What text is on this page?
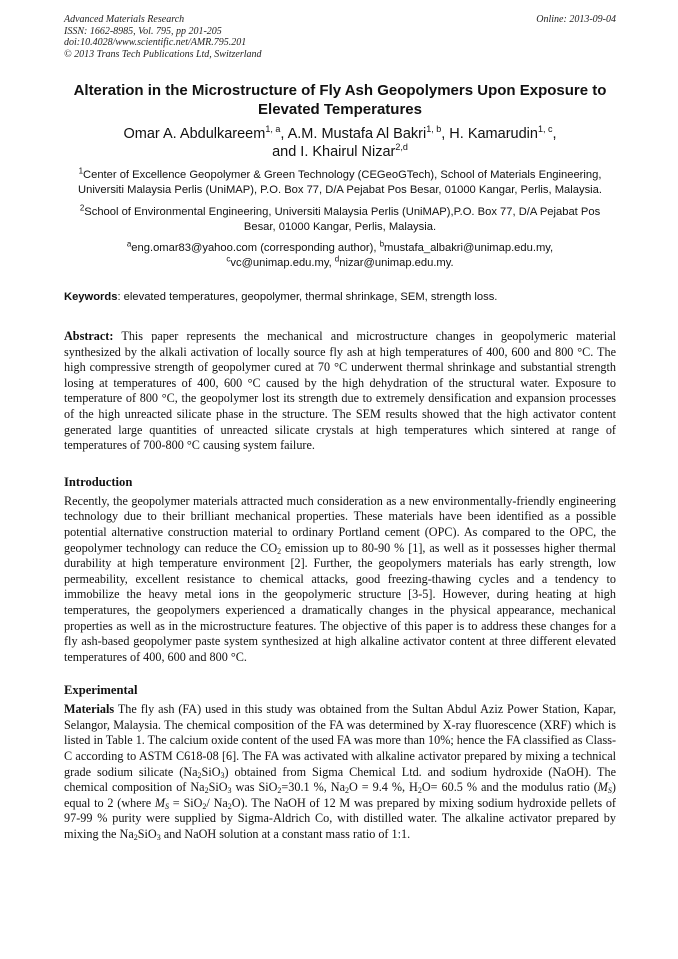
Advanced Materials Research
ISSN: 1662-8985, Vol. 795, pp 201-205
doi:10.4028/www.scientific.net/AMR.795.201
© 2013 Trans Tech Publications Ltd, Switzerland
Online: 2013-09-04
Alteration in the Microstructure of Fly Ash Geopolymers Upon Exposure to Elevated Temperatures
Omar A. Abdulkareem$^{1, a}$, A.M. Mustafa Al Bakri$^{1, b}$, H. Kamarudin$^{1, c}$,
and I. Khairul Nizar$^{2,d}$
$^1$Center of Excellence Geopolymer & Green Technology (CEGeoGTech), School of Materials Engineering, Universiti Malaysia Perlis (UniMAP), P.O. Box 77, D/A Pejabat Pos Besar, 01000 Kangar, Perlis, Malaysia.
$^2$School of Environmental Engineering, Universiti Malaysia Perlis (UniMAP),P.O. Box 77, D/A Pejabat Pos Besar, 01000 Kangar, Perlis, Malaysia.
$^a$eng.omar83@yahoo.com (corresponding author), $^b$mustafa_albakri@unimap.edu.my,
$^c$vc@unimap.edu.my, $^d$nizar@unimap.edu.my.
Keywords: elevated temperatures, geopolymer, thermal shrinkage, SEM, strength loss.
Abstract: This paper represents the mechanical and microstructure changes in geopolymeric material synthesized by the alkali activation of locally source fly ash at high temperatures of 400, 600 and 800 °C. The high compressive strength of geopolymer cured at 70 °C underwent thermal shrinkage and substantial strength losing at temperatures of 400, 600 °C caused by the high dehydration of the structural water. Exposure to temperature of 800 °C, the geopolymer lost its strength due to extremely densification and expansion processes of the high unreacted silicate phase in the structure. The SEM results showed that the high activator content generated large quantities of unreacted silicate crystals at high temperatures which sintered at range of temperatures of 700-800 °C causing system failure.
Introduction
Recently, the geopolymer materials attracted much consideration as a new environmentally-friendly engineering technology due to their brilliant mechanical properties. These materials have been identified as a possible potential alternative construction material to ordinary Portland cement (OPC). As compared to the OPC, the geopolymer technology can reduce the $CO_2$ emission up to 80-90 % [1], as well as it possesses higher thermal durability at high temperature environment [2]. Further, the geopolymers materials has early strength, low permeability, excellent resistance to chemical attacks, good freezing-thawing cycles and a tendency to immobilize the heavy metal ions in the geopolymeric structure [3-5]. However, during heating at high temperatures, the geopolymers experienced a dramatically changes in the physical appearance, mechanical properties as well as in the microstructure features. The objective of this paper is to address these changes for a fly ash-based geopolymer paste system synthesized at high alkaline activator content at three different elevated temperatures of 400, 600 and 800 °C.
Experimental
Materials The fly ash (FA) used in this study was obtained from the Sultan Abdul Aziz Power Station, Kapar, Selangor, Malaysia. The chemical composition of the FA was determined by X-ray fluorescence (XRF) which is listed in Table 1. The calcium oxide content of the used FA was more than 10%; hence the FA classified as Class-C according to ASTM C618-08 [6]. The FA was activated with alkaline activator prepared by mixing a technical grade sodium silicate $(Na_2SiO_3)$ obtained from Sigma Chemical Ltd. and sodium hydroxide (NaOH). The chemical composition of $Na_2SiO_3$ was SiO$_2$=30.1 %, $Na_2O = 9.4$ %, $H_2O= 60.5$ % and the modulus ratio $(M_S)$ equal to 2 (where $M_S = SiO_2/$ $Na_2O$). The NaOH of 12 M was prepared by mixing sodium hydroxide pellets of 97-99 % purity were supplied by Sigma-Aldrich Co, with distilled water. The alkaline activator prepared by mixing the $Na_2SiO_3$ and NaOH solution at a constant mass ratio of 1:1.
